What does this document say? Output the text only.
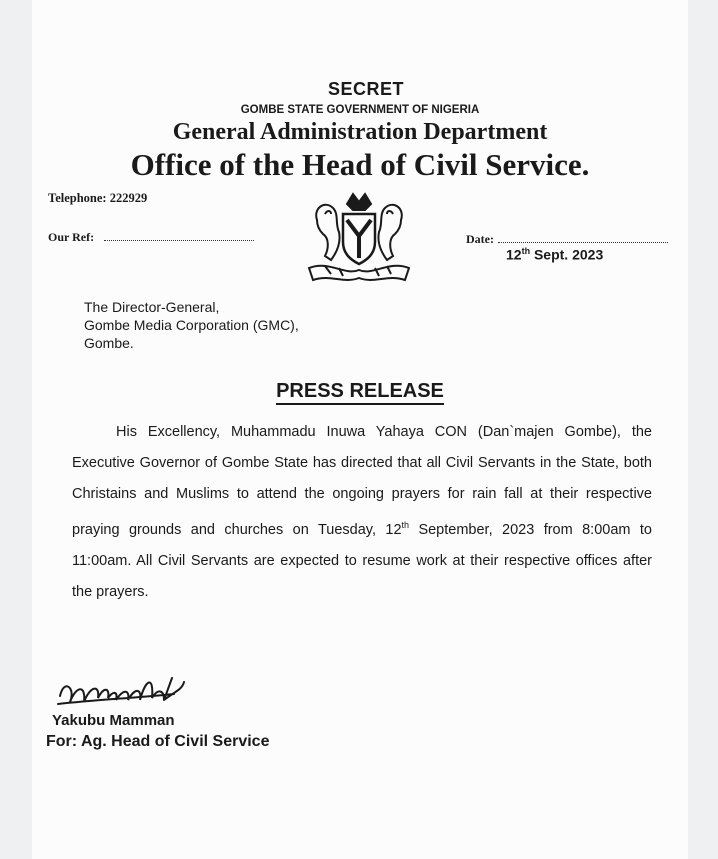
SECRET
GOMBE STATE GOVERNMENT OF NIGERIA
General Administration Department
Office of the Head of Civil Service.
Telephone: 222929
Our Ref:	Date:
12th Sept. 2023
The Director-General,
Gombe Media Corporation (GMC),
Gombe.
PRESS RELEASE
His Excellency, Muhammadu Inuwa Yahaya CON (Dan`majen Gombe), the Executive Governor of Gombe State has directed that all Civil Servants in the State, both Christains and Muslims to attend the ongoing prayers for rain fall at their respective praying grounds and churches on Tuesday, 12th September, 2023 from 8:00am to 11:00am. All Civil Servants are expected to resume work at their respective offices after the prayers.
Yakubu Mamman
For: Ag. Head of Civil Service
